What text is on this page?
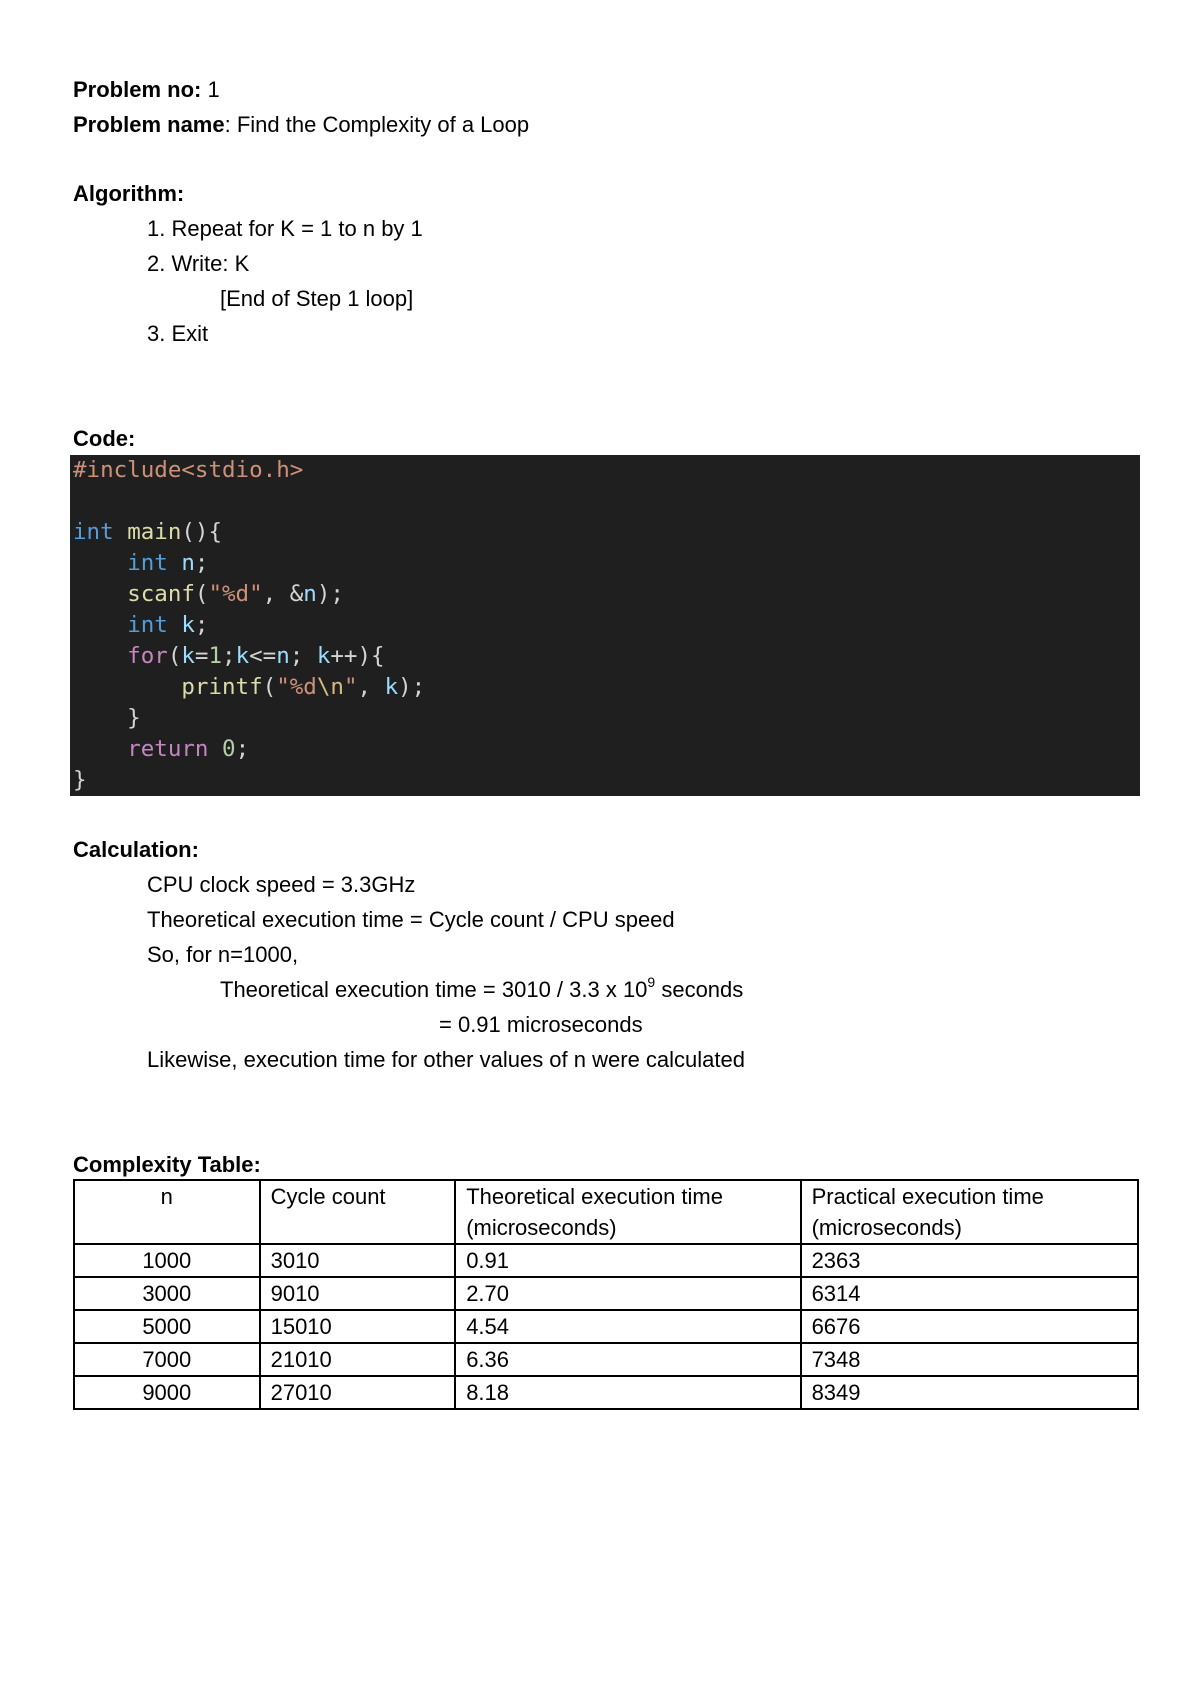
Problem no: 1
Problem name: Find the Complexity of a Loop
Algorithm:
1. Repeat for K = 1 to n by 1
2. Write: K
[End of Step 1 loop]
3. Exit
Code:
#include<stdio.h>
int main(){
int n;
scanf("%d", &n);
int k;
for(k=1;k<=n; k++){
printf("%d\n", k);
}
return 0;
}
Calculation:
CPU clock speed = 3.3GHz
Theoretical execution time = Cycle count / CPU speed
So, for n=1000,
Theoretical execution time = 3010 / 3.3 x $10^9$ seconds
= 0.91 microseconds
Likewise, execution time for other values of n were calculated
Complexity Table:
n	Cycle count	Theoretical execution time (microseconds)	Practical execution time (microseconds)
1000	3010	0.91	2363
3000	9010	2.70	6314
5000	15010	4.54	6676
7000	21010	6.36	7348
9000	27010	8.18	8349
